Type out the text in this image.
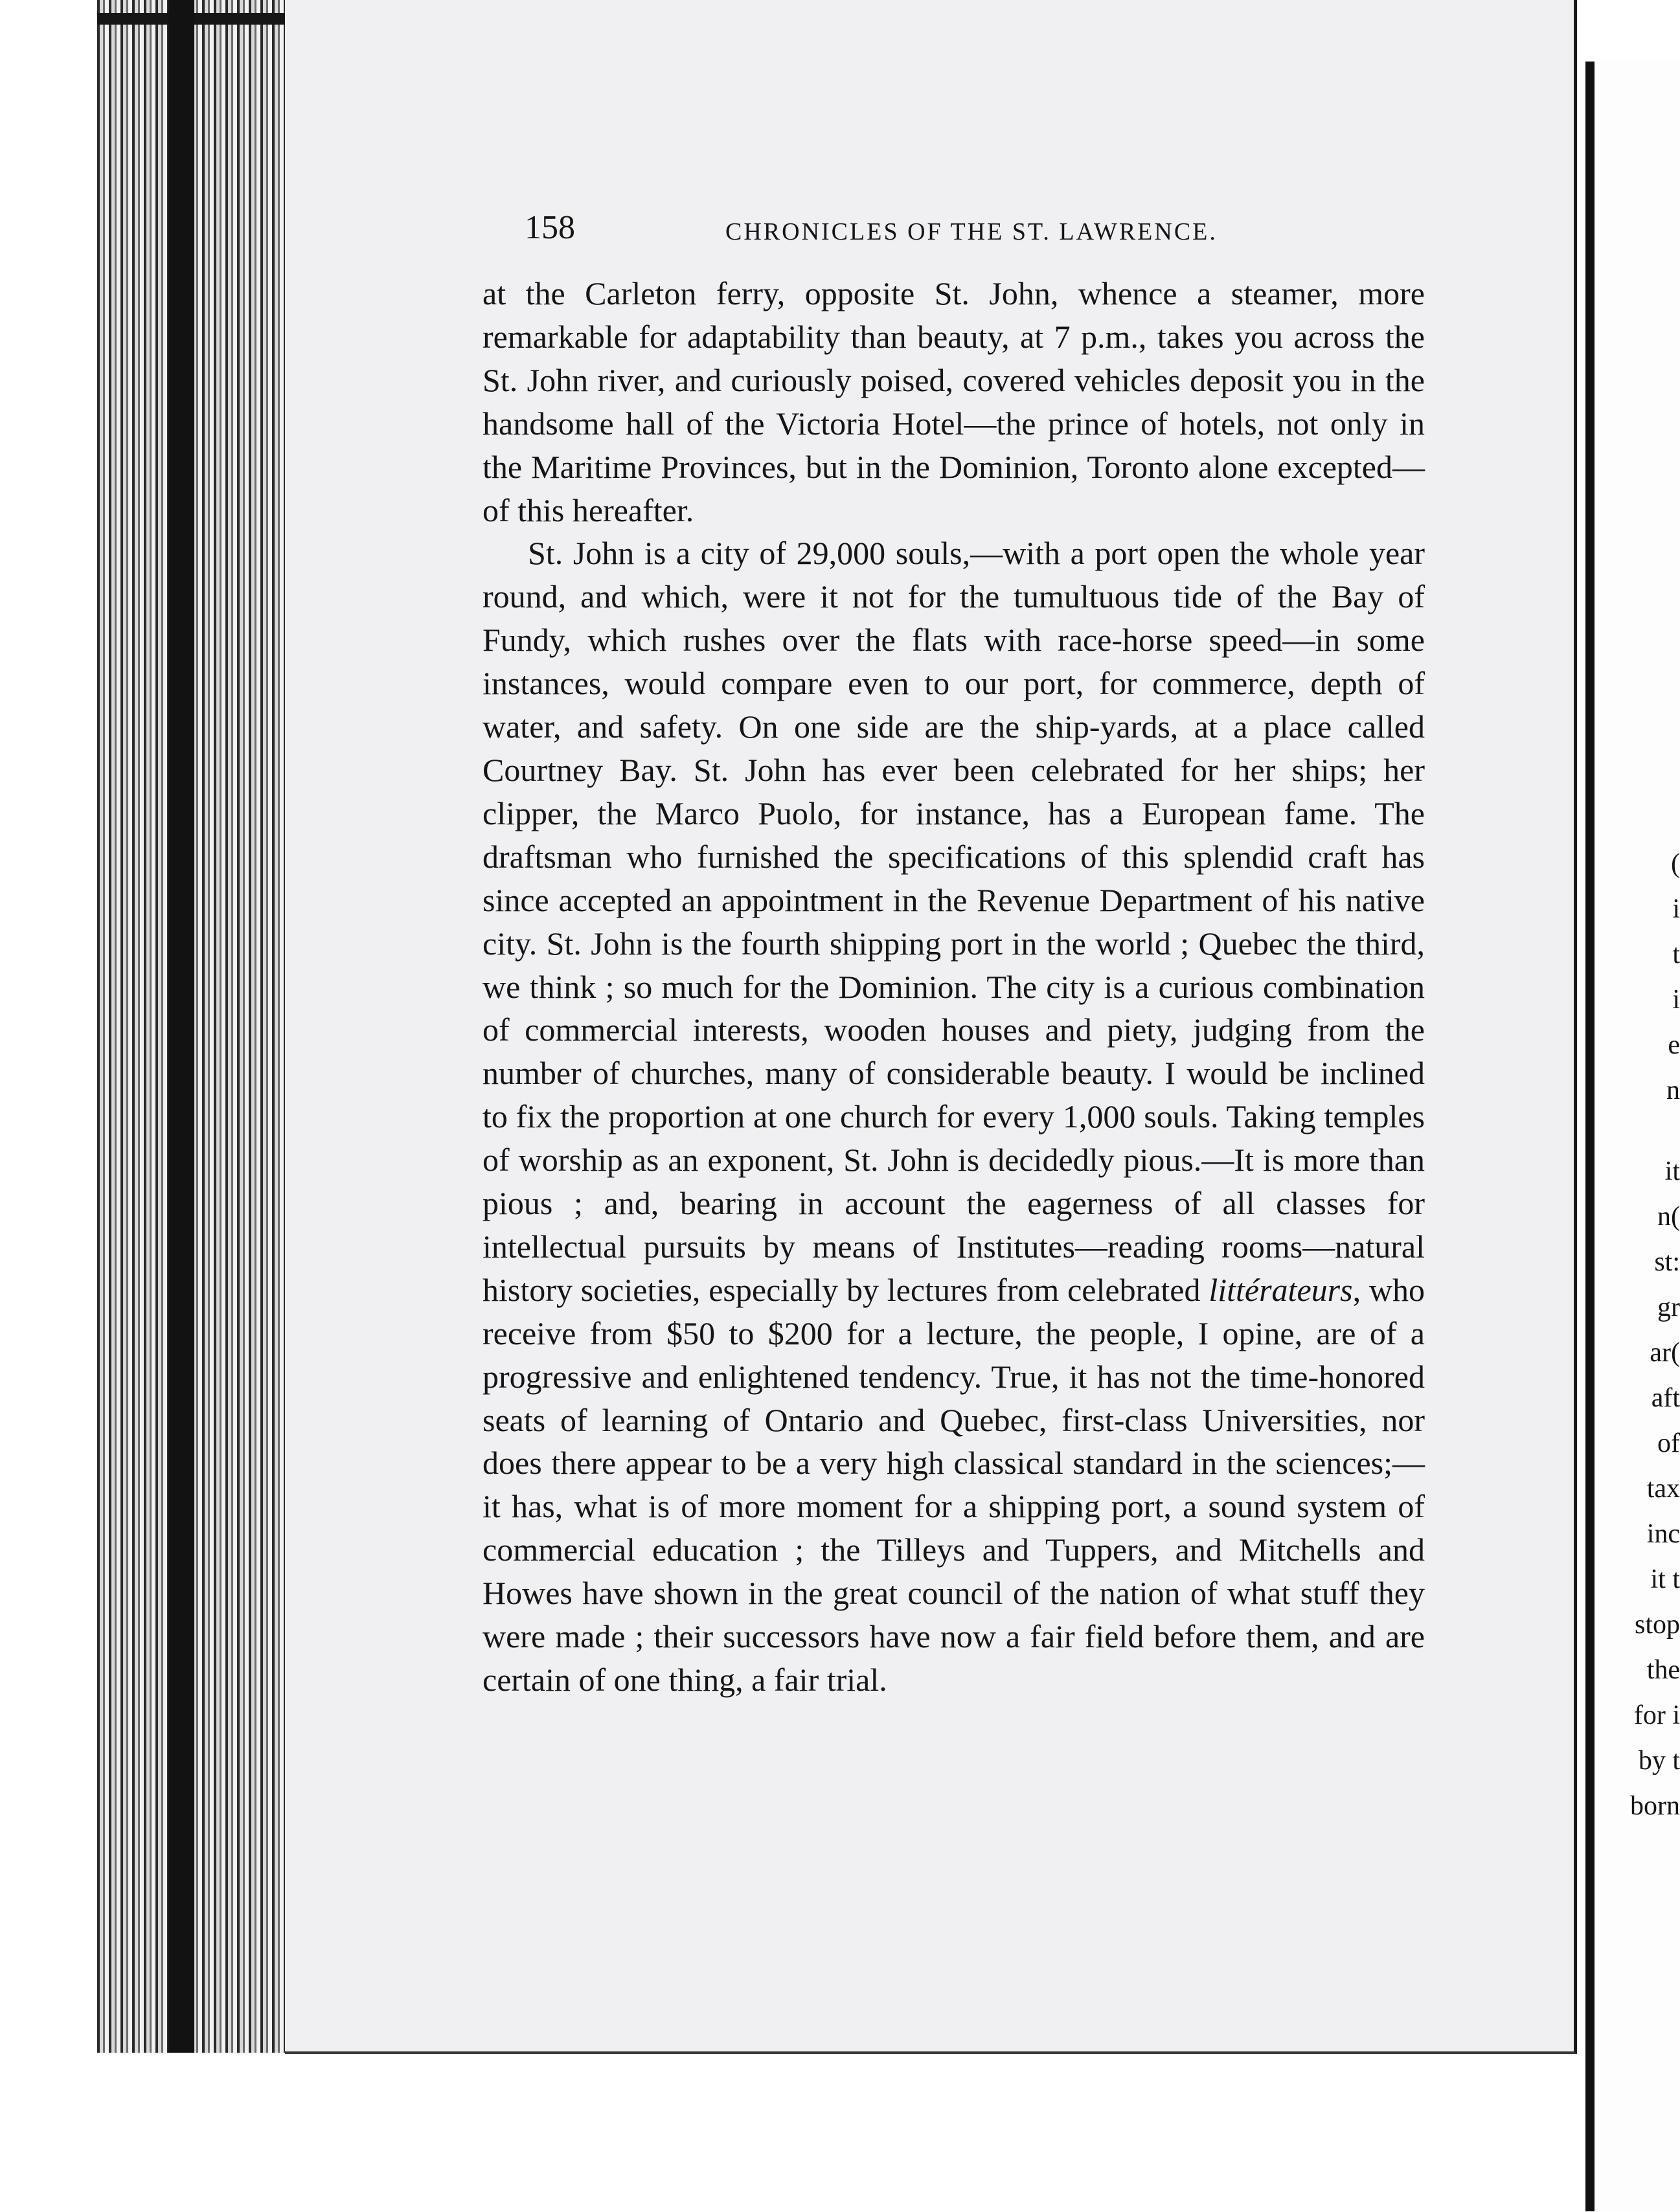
158	CHRONICLES OF THE ST. LAWRENCE.

at the Carleton ferry, opposite St. John, whence a steamer, more remarkable for adaptability than beauty, at 7 p.m., takes you across the St. John river, and curiously poised, covered vehicles deposit you in the handsome hall of the Victoria Hotel—the prince of hotels, not only in the Maritime Provinces, but in the Dominion, Toronto alone excepted—of this hereafter.

St. John is a city of 29,000 souls,—with a port open the whole year round, and which, were it not for the tumultuous tide of the Bay of Fundy, which rushes over the flats with race-horse speed—in some instances, would compare even to our port, for commerce, depth of water, and safety. On one side are the ship-yards, at a place called Courtney Bay. St. John has ever been celebrated for her ships; her clipper, the Marco Puolo, for instance, has a European fame. The draftsman who furnished the specifications of this splendid craft has since accepted an appointment in the Revenue Department of his native city. St. John is the fourth shipping port in the world ; Quebec the third, we think ; so much for the Dominion. The city is a curious combination of commercial interests, wooden houses and piety, judging from the number of churches, many of considerable beauty. I would be inclined to fix the proportion at one church for every 1,000 souls. Taking temples of worship as an exponent, St. John is decidedly pious.—It is more than pious ; and, bearing in account the eagerness of all classes for intellectual pursuits by means of Institutes—reading rooms—natural history societies, especially by lectures from celebrated littérateurs, who receive from $50 to $200 for a lecture, the people, I opine, are of a progressive and enlightened tendency. True, it has not the time-honored seats of learning of Ontario and Quebec, first-class Universities, nor does there appear to be a very high classical standard in the sciences;—it has, what is of more moment for a shipping port, a sound system of commercial education ; the Tilleys and Tuppers, and Mitchells and Howes have shown in the great council of the nation of what stuff they were made ; their successors have now a fair field before them, and are certain of one thing, a fair trial.

(
i
t
i
e
n
it
n(
st:
gr
ar(
aft
of
tax
inc
it t
stop
the
for i
by t
born
